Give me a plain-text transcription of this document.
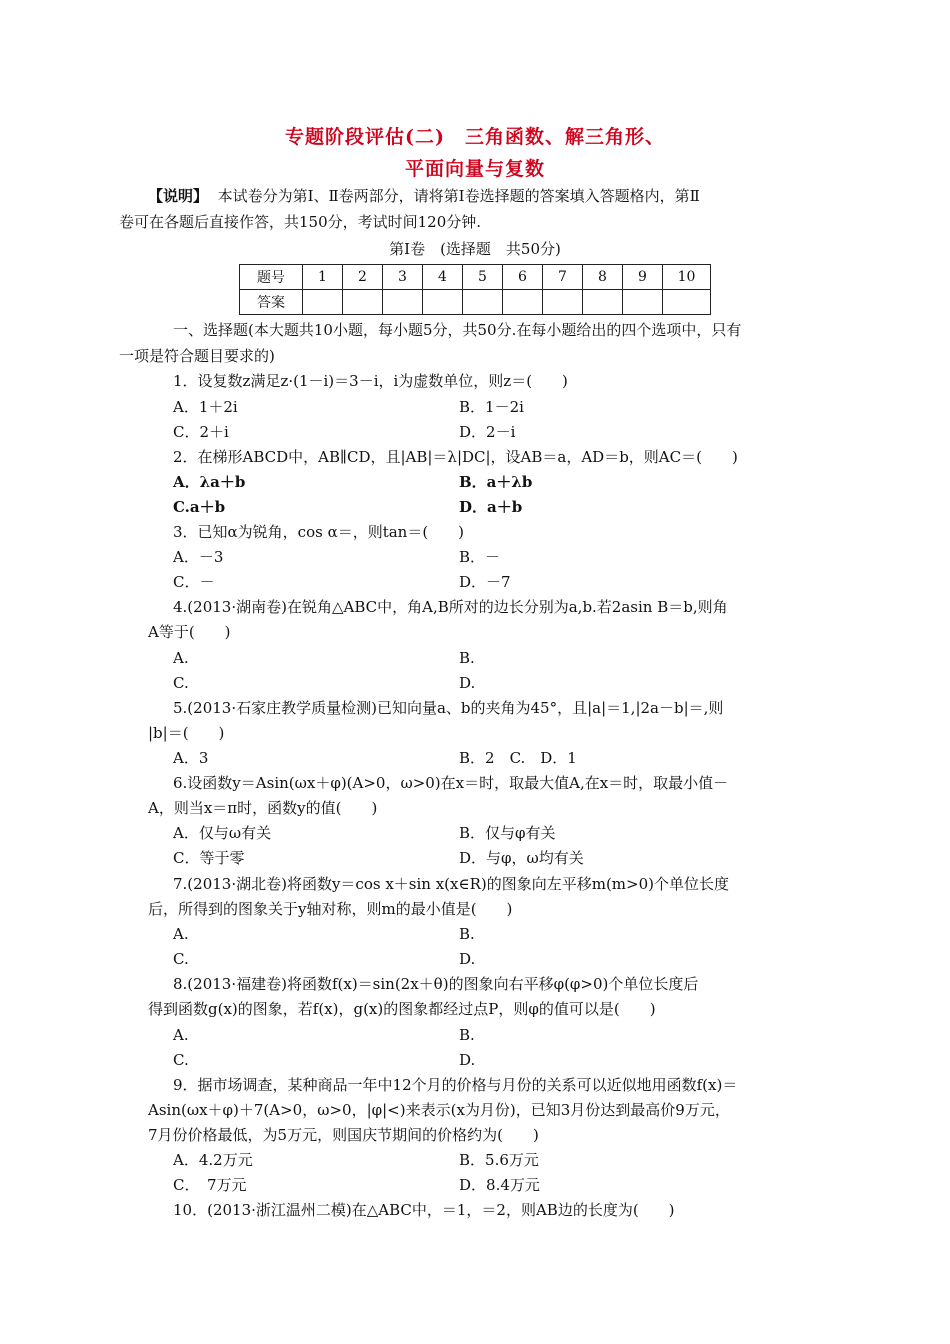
专题阶段评估(二)　三角函数、解三角形、
平面向量与复数
【说明】 本试卷分为第Ⅰ、Ⅱ卷两部分，请将第Ⅰ卷选择题的答案填入答题格内，第Ⅱ
卷可在各题后直接作答，共150分，考试时间120分钟.
第Ⅰ卷　(选择题　共50分)
题号	1	2	3	4	5	6	7	8	9	10
答案										
一、选择题(本大题共10小题，每小题5分，共50分.在每小题给出的四个选项中，只有
一项是符合题目要求的)
1．设复数z满足z·(1－i)＝3－i，i为虚数单位，则z＝(　　)
A．1＋2i	B．1－2i
C．2＋i	D．2－i
2．在梯形ABCD中，AB∥CD，且|AB|＝λ|DC|，设AB＝a，AD＝b，则AC＝(　　)
A．λa＋b	B．a＋λb
C.a＋b	D．a＋b
3．已知α为锐角，cos α＝，则tan＝(　　)
A．－3	B．－
C．－	D．－7
4.(2013·湖南卷)在锐角△ABC中，角A,B所对的边长分别为a,b.若2asin B＝b,则角
A等于(　　)
A.	B.
C.	D.
5.(2013·石家庄教学质量检测)已知向量a、b的夹角为45°，且|a|＝1,|2a－b|＝,则
|b|＝(　　)
A．3	B．2　C.　D．1
6.设函数y＝Asin(ωx＋φ)(A>0，ω>0)在x＝时，取最大值A,在x＝时，取最小值－
A，则当x＝π时，函数y的值(　　)
A．仅与ω有关	B．仅与φ有关
C．等于零	D．与φ，ω均有关
7.(2013·湖北卷)将函数y＝cos x＋sin x(x∈R)的图象向左平移m(m>0)个单位长度
后，所得到的图象关于y轴对称，则m的最小值是(　　)
A.	B.
C.	D.
8.(2013·福建卷)将函数f(x)＝sin(2x＋θ)的图象向右平移φ(φ>0)个单位长度后
得到函数g(x)的图象，若f(x)，g(x)的图象都经过点P，则φ的值可以是(　　)
A.	B.
C.	D.
9．据市场调查，某种商品一年中12个月的价格与月份的关系可以近似地用函数f(x)＝
Asin(ωx＋φ)＋7(A>0，ω>0，|φ|<)来表示(x为月份)，已知3月份达到最高价9万元，
7月份价格最低，为5万元，则国庆节期间的价格约为(　　)
A．4.2万元	B．5.6万元
C．　7万元	D．8.4万元
10．(2013·浙江温州二模)在△ABC中，＝1，＝2，则AB边的长度为(　　)
